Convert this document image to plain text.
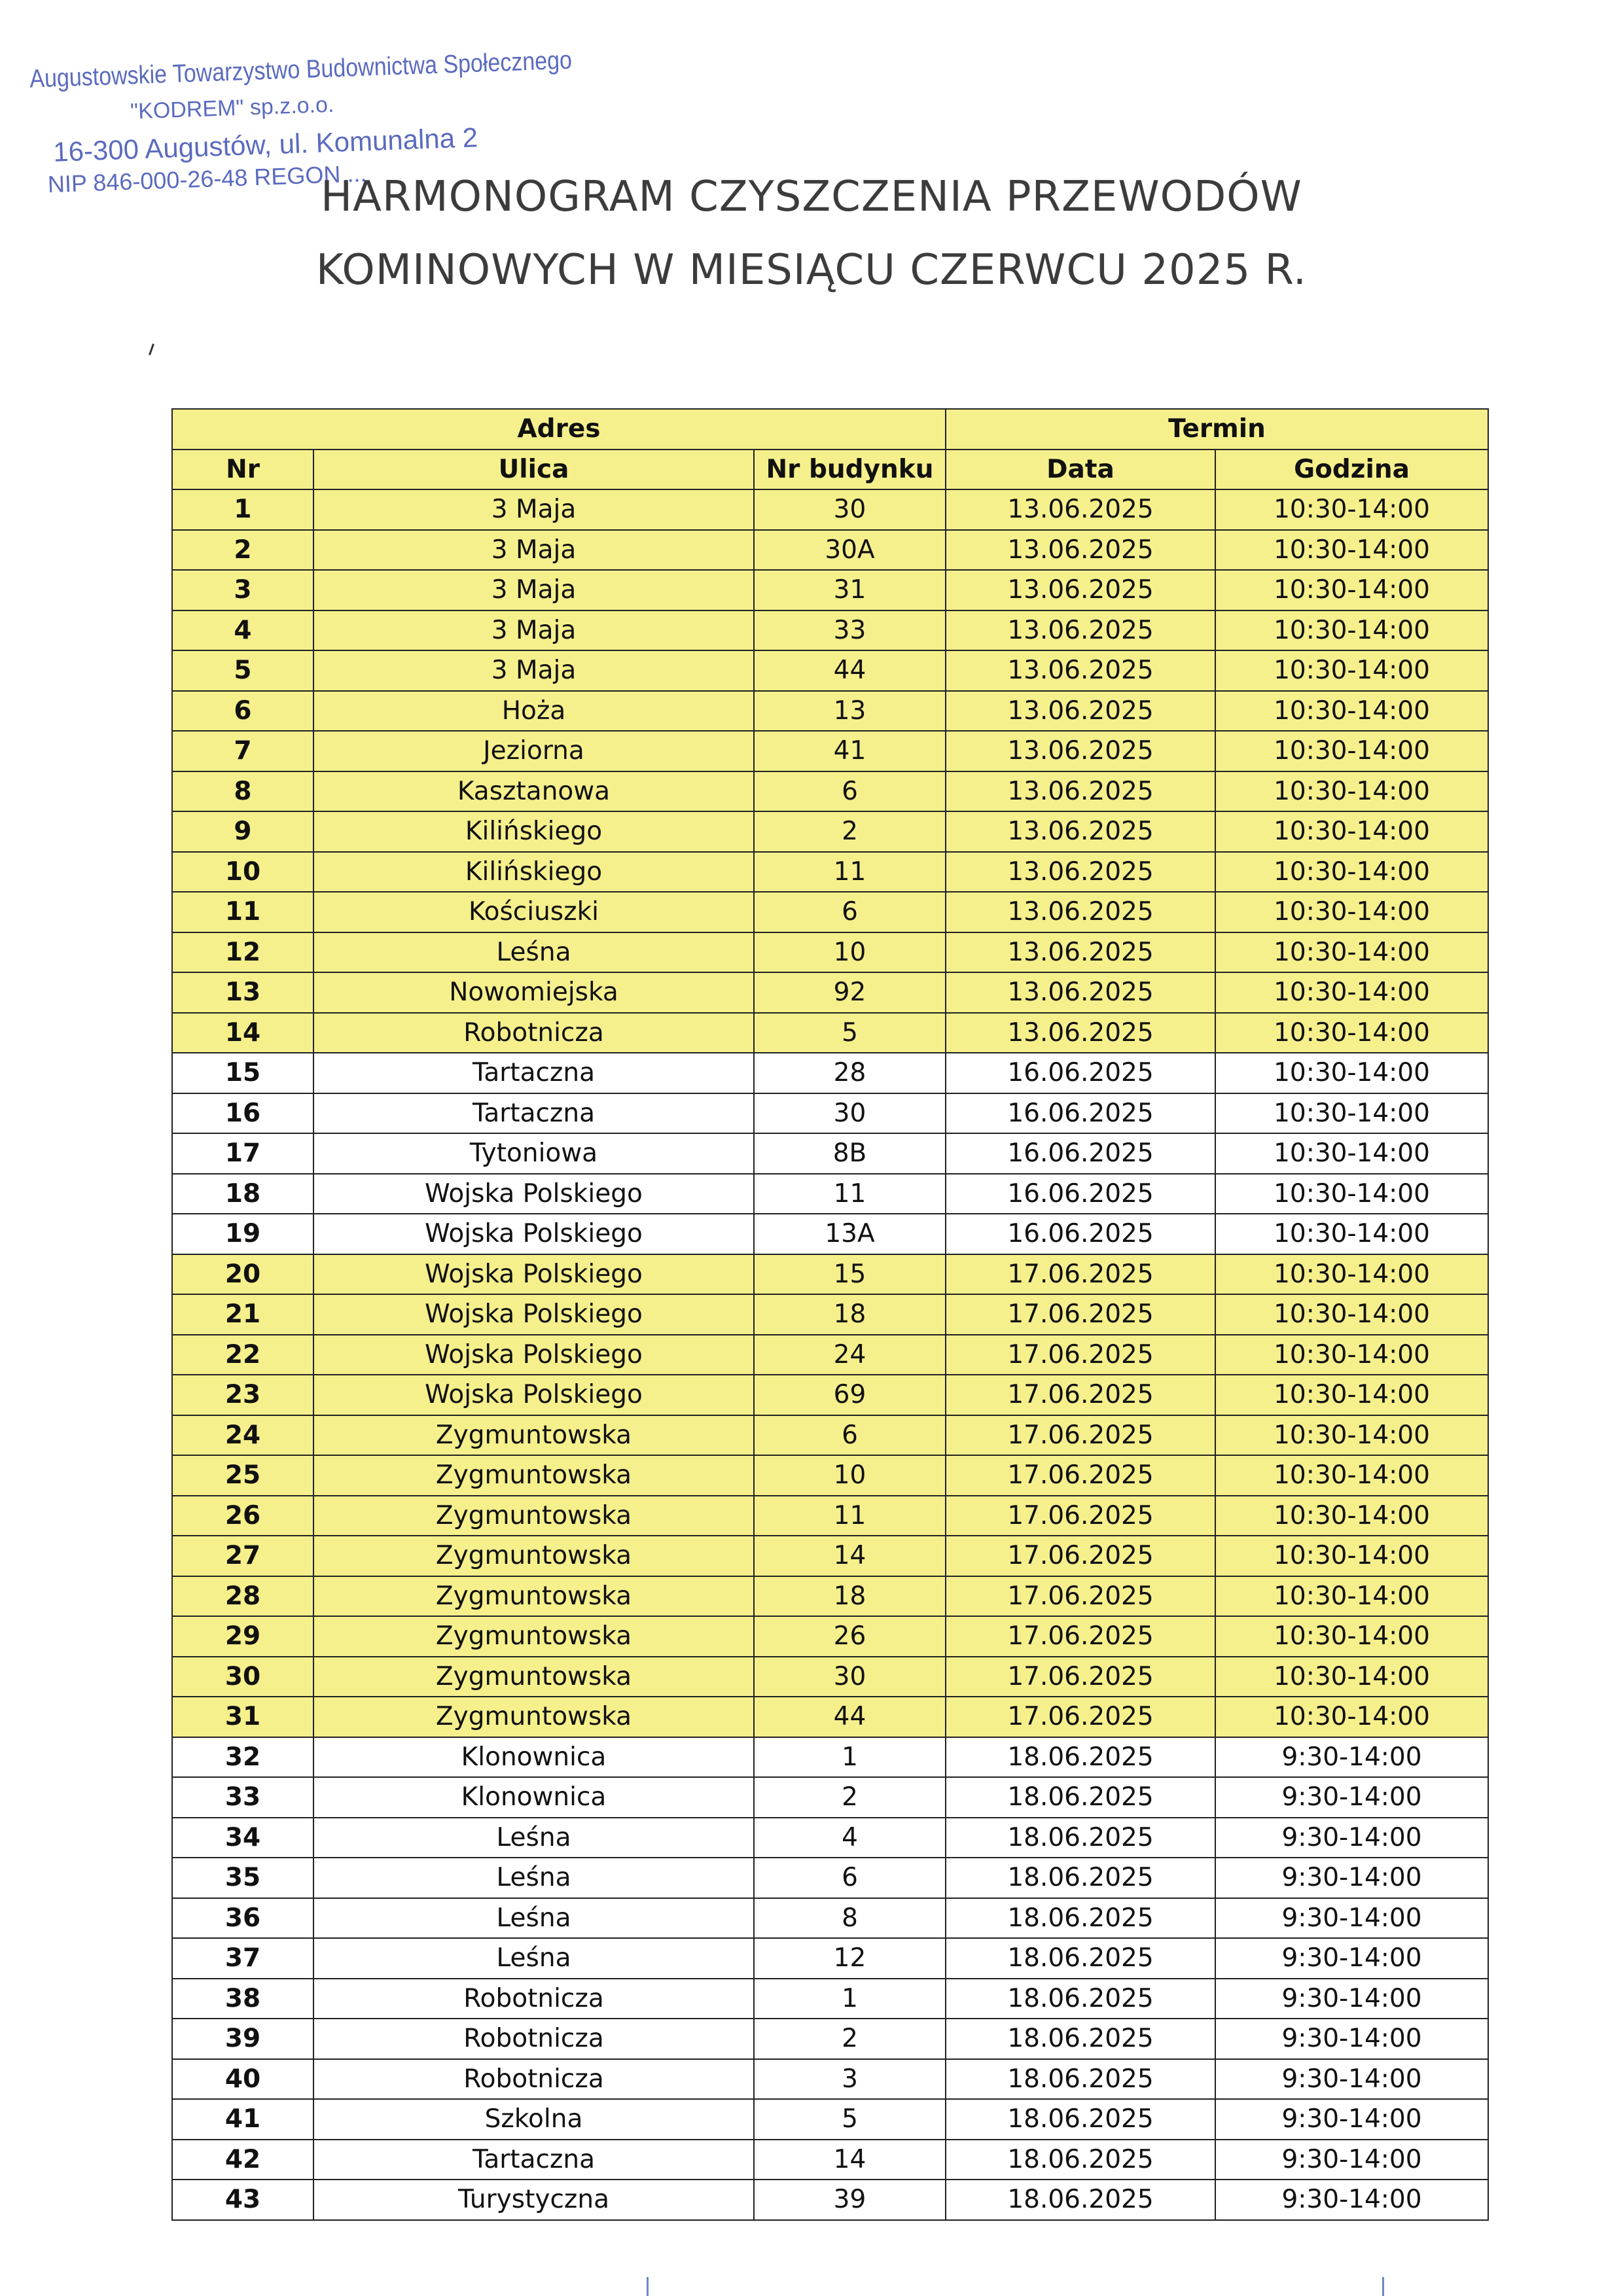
Augustowskie Towarzystwo Budownictwa Społecznego
"KODREM" sp.z.o.o.
16-300 Augustów, ul. Komunalna 2
NIP 846-000-26-48 REGON ...
HARMONOGRAM CZYSZCZENIA PRZEWODÓW
KOMINOWYCH W MIESIĄCU CZERWCU 2025 R.
Adres			Termin	
Nr	Ulica	Nr budynku	Data	Godzina
1	3 Maja	30	13.06.2025	10:30-14:00
2	3 Maja	30A	13.06.2025	10:30-14:00
3	3 Maja	31	13.06.2025	10:30-14:00
4	3 Maja	33	13.06.2025	10:30-14:00
5	3 Maja	44	13.06.2025	10:30-14:00
6	Hoża	13	13.06.2025	10:30-14:00
7	Jeziorna	41	13.06.2025	10:30-14:00
8	Kasztanowa	6	13.06.2025	10:30-14:00
9	Kilińskiego	2	13.06.2025	10:30-14:00
10	Kilińskiego	11	13.06.2025	10:30-14:00
11	Kościuszki	6	13.06.2025	10:30-14:00
12	Leśna	10	13.06.2025	10:30-14:00
13	Nowomiejska	92	13.06.2025	10:30-14:00
14	Robotnicza	5	13.06.2025	10:30-14:00
15	Tartaczna	28	16.06.2025	10:30-14:00
16	Tartaczna	30	16.06.2025	10:30-14:00
17	Tytoniowa	8B	16.06.2025	10:30-14:00
18	Wojska Polskiego	11	16.06.2025	10:30-14:00
19	Wojska Polskiego	13A	16.06.2025	10:30-14:00
20	Wojska Polskiego	15	17.06.2025	10:30-14:00
21	Wojska Polskiego	18	17.06.2025	10:30-14:00
22	Wojska Polskiego	24	17.06.2025	10:30-14:00
23	Wojska Polskiego	69	17.06.2025	10:30-14:00
24	Zygmuntowska	6	17.06.2025	10:30-14:00
25	Zygmuntowska	10	17.06.2025	10:30-14:00
26	Zygmuntowska	11	17.06.2025	10:30-14:00
27	Zygmuntowska	14	17.06.2025	10:30-14:00
28	Zygmuntowska	18	17.06.2025	10:30-14:00
29	Zygmuntowska	26	17.06.2025	10:30-14:00
30	Zygmuntowska	30	17.06.2025	10:30-14:00
31	Zygmuntowska	44	17.06.2025	10:30-14:00
32	Klonownica	1	18.06.2025	9:30-14:00
33	Klonownica	2	18.06.2025	9:30-14:00
34	Leśna	4	18.06.2025	9:30-14:00
35	Leśna	6	18.06.2025	9:30-14:00
36	Leśna	8	18.06.2025	9:30-14:00
37	Leśna	12	18.06.2025	9:30-14:00
38	Robotnicza	1	18.06.2025	9:30-14:00
39	Robotnicza	2	18.06.2025	9:30-14:00
40	Robotnicza	3	18.06.2025	9:30-14:00
41	Szkolna	5	18.06.2025	9:30-14:00
42	Tartaczna	14	18.06.2025	9:30-14:00
43	Turystyczna	39	18.06.2025	9:30-14:00
